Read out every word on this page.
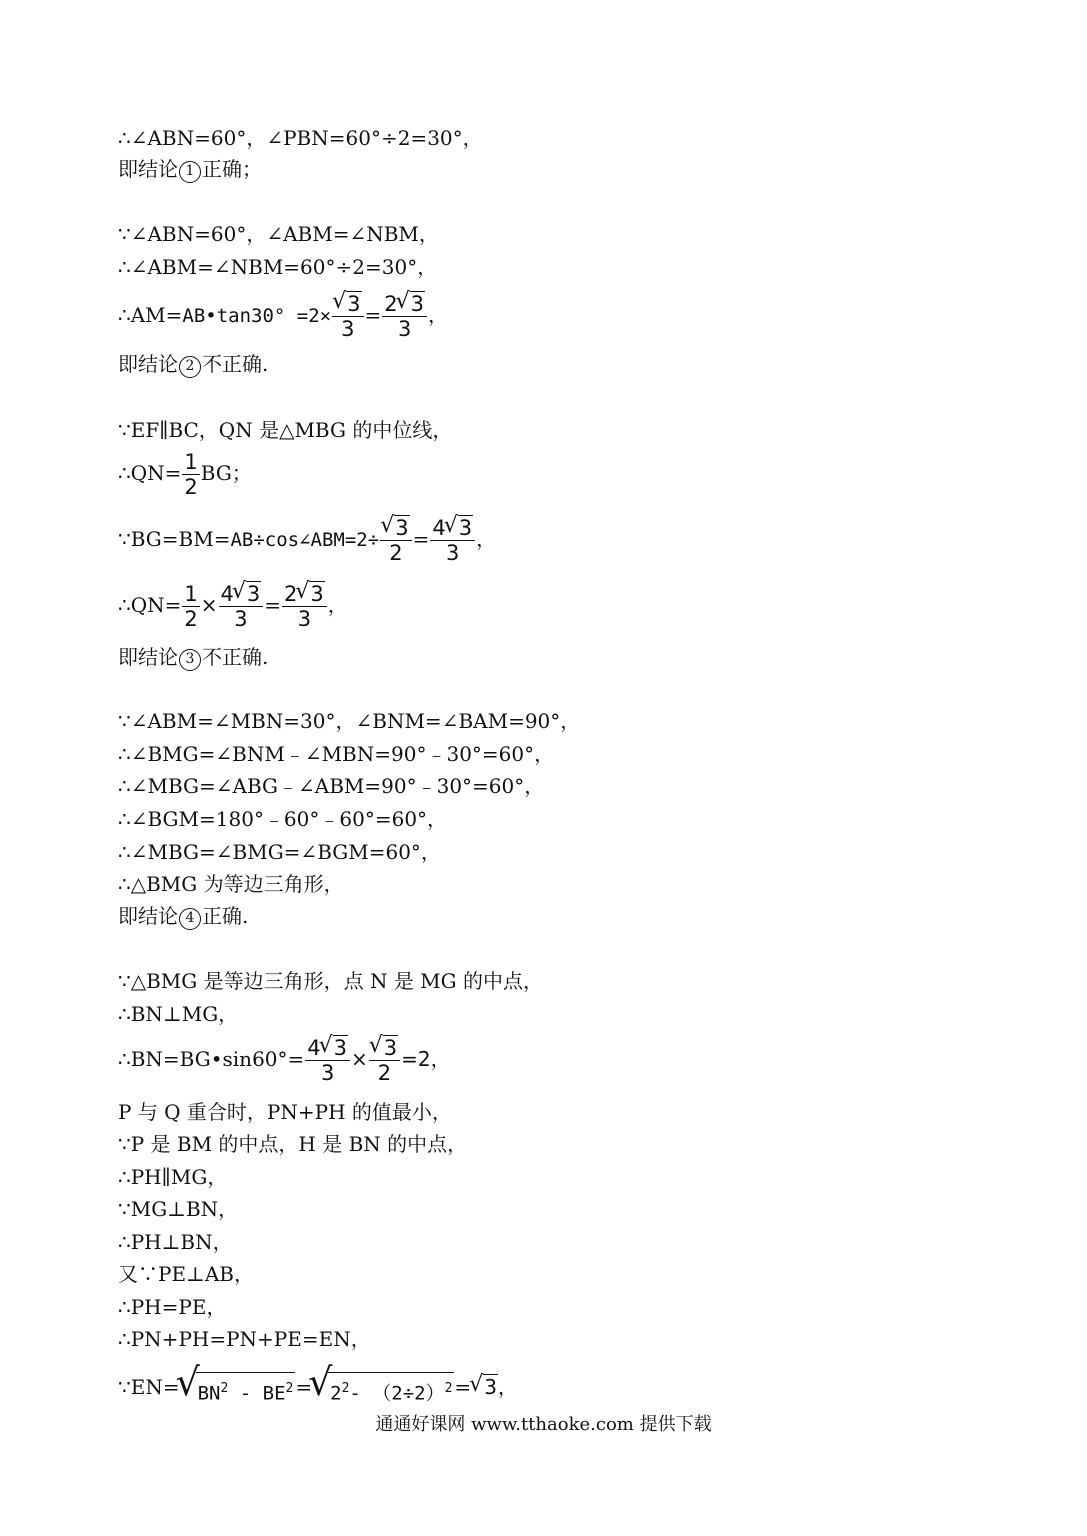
∴∠ABN=60°，∠PBN=60°÷2=30°，
即结论 1 正确；
∵∠ABN=60°，∠ABM=∠NBM，
∴∠ABM=∠NBM=60°÷2=30°，
∴AM=AB•tan30° =2× √ $\frac{3}{3} = \frac{2 √ 3}{3}$ ，
即结论 2 不正确.
∵EF∥BC，QN 是△MBG 的中位线，
∴QN= $\frac{1}{2}$ BG；
∵BG=BM=AB÷cos∠ABM=2÷ √ $\frac{3}{2} = \frac{4 √ 3}{3}$ ，
∴QN= $\frac{1}{2} \times \frac{4 √ 3}{3} = \frac{2 √ 3}{3}$ ，
即结论 3 不正确.
∵∠ABM=∠MBN=30°，∠BNM=∠BAM=90°，
∴∠BMG=∠BNM﹣∠MBN=90°﹣30°=60°，
∴∠MBG=∠ABG﹣∠ABM=90°﹣30°=60°，
∴∠BGM=180°﹣60°﹣60°=60°，
∴∠MBG=∠BMG=∠BGM=60°，
∴△BMG 为等边三角形，
即结论 4 正确.
∵△BMG 是等边三角形，点 N 是 MG 的中点，
∴BN⊥MG，
∴BN=BG•sin60°= $\frac{4 √ 3}{3}$ × √ $\frac{3}{2} =2$，
P 与 Q 重合时，PN+PH 的值最小，
∵P 是 BM 的中点，H 是 BN 的中点，
∴PH∥MG，
∵MG⊥BN，
∴PH⊥BN，
又∵PE⊥AB，
∴PH=PE，
∴PN+PH=PN+PE=EN，
∵EN= √ $BN^2 - BE^2$ = √ $2^2-$ $(2\div 2)^2$ = √ 3，
通通好课网 www.tthaoke.com 提供下载
